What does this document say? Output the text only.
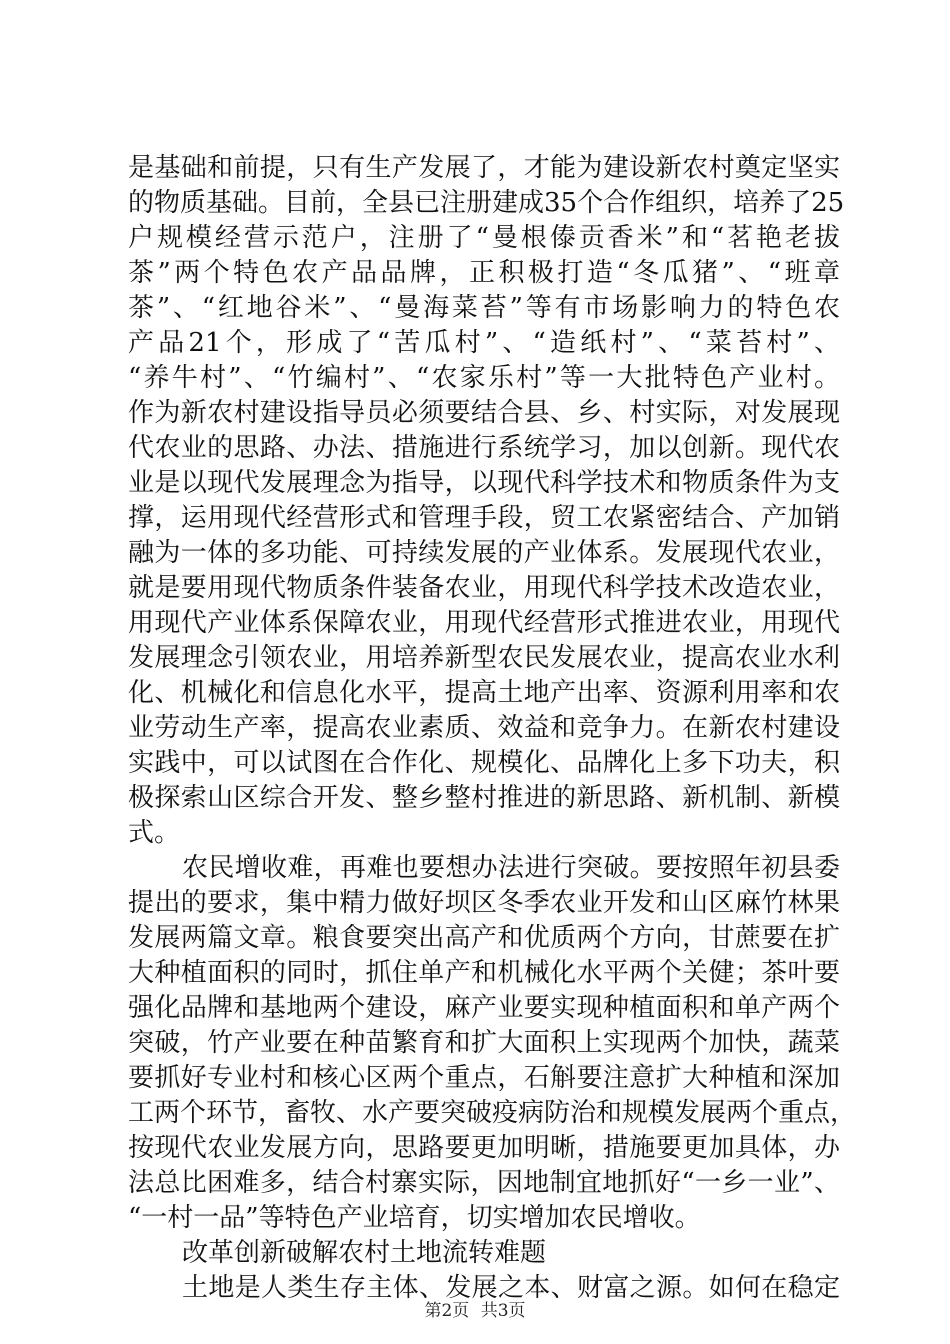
是基础和前提，只有生产发展了，才能为建设新农村奠定坚实
的物质基础。目前，全县已注册建成35个合作组织，培养了25
户规模经营示范户，注册了“曼根傣贡香米”和“茗艳老拔
茶”两个特色农产品品牌，正积极打造“冬瓜猪”、“班章
茶”、“红地谷米”、“曼海菜苔”等有市场影响力的特色农
产品21个，形成了“苦瓜村”、“造纸村”、“菜苔村”、
“养牛村”、“竹编村”、“农家乐村”等一大批特色产业村。
作为新农村建设指导员必须要结合县、乡、村实际，对发展现
代农业的思路、办法、措施进行系统学习，加以创新。现代农
业是以现代发展理念为指导，以现代科学技术和物质条件为支
撑，运用现代经营形式和管理手段，贸工农紧密结合、产加销
融为一体的多功能、可持续发展的产业体系。发展现代农业，
就是要用现代物质条件装备农业，用现代科学技术改造农业，
用现代产业体系保障农业，用现代经营形式推进农业，用现代
发展理念引领农业，用培养新型农民发展农业，提高农业水利
化、机械化和信息化水平，提高土地产出率、资源利用率和农
业劳动生产率，提高农业素质、效益和竞争力。在新农村建设
实践中，可以试图在合作化、规模化、品牌化上多下功夫，积
极探索山区综合开发、整乡整村推进的新思路、新机制、新模
式。
农民增收难，再难也要想办法进行突破。要按照年初县委
提出的要求，集中精力做好坝区冬季农业开发和山区麻竹林果
发展两篇文章。粮食要突出高产和优质两个方向，甘蔗要在扩
大种植面积的同时，抓住单产和机械化水平两个关健；茶叶要
强化品牌和基地两个建设，麻产业要实现种植面积和单产两个
突破，竹产业要在种苗繁育和扩大面积上实现两个加快，蔬菜
要抓好专业村和核心区两个重点，石斛要注意扩大种植和深加
工两个环节，畜牧、水产要突破疫病防治和规模发展两个重点，
按现代农业发展方向，思路要更加明晰，措施要更加具体，办
法总比困难多，结合村寨实际，因地制宜地抓好“一乡一业”、
“一村一品”等特色产业培育，切实增加农民增收。
改革创新破解农村土地流转难题
土地是人类生存主体、发展之本、财富之源。如何在稳定
第2页 共3页
